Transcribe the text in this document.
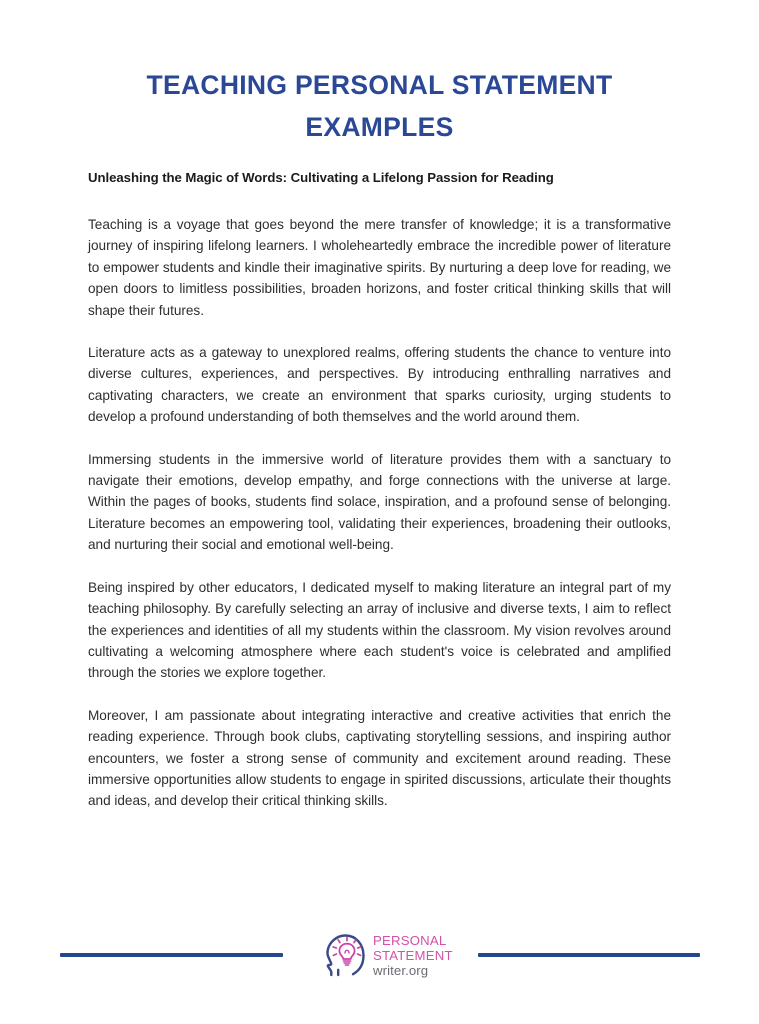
TEACHING PERSONAL STATEMENT EXAMPLES
Unleashing the Magic of Words: Cultivating a Lifelong Passion for Reading

Teaching is a voyage that goes beyond the mere transfer of knowledge; it is a transformative journey of inspiring lifelong learners. I wholeheartedly embrace the incredible power of literature to empower students and kindle their imaginative spirits. By nurturing a deep love for reading, we open doors to limitless possibilities, broaden horizons, and foster critical thinking skills that will shape their futures.

Literature acts as a gateway to unexplored realms, offering students the chance to venture into diverse cultures, experiences, and perspectives. By introducing enthralling narratives and captivating characters, we create an environment that sparks curiosity, urging students to develop a profound understanding of both themselves and the world around them.

Immersing students in the immersive world of literature provides them with a sanctuary to navigate their emotions, develop empathy, and forge connections with the universe at large. Within the pages of books, students find solace, inspiration, and a profound sense of belonging. Literature becomes an empowering tool, validating their experiences, broadening their outlooks, and nurturing their social and emotional well-being.

Being inspired by other educators, I dedicated myself to making literature an integral part of my teaching philosophy. By carefully selecting an array of inclusive and diverse texts, I aim to reflect the experiences and identities of all my students within the classroom. My vision revolves around cultivating a welcoming atmosphere where each student's voice is celebrated and amplified through the stories we explore together.

Moreover, I am passionate about integrating interactive and creative activities that enrich the reading experience. Through book clubs, captivating storytelling sessions, and inspiring author encounters, we foster a strong sense of community and excitement around reading. These immersive opportunities allow students to engage in spirited discussions, articulate their thoughts and ideas, and develop their critical thinking skills.

PERSONAL
STATEMENT
writer.org
